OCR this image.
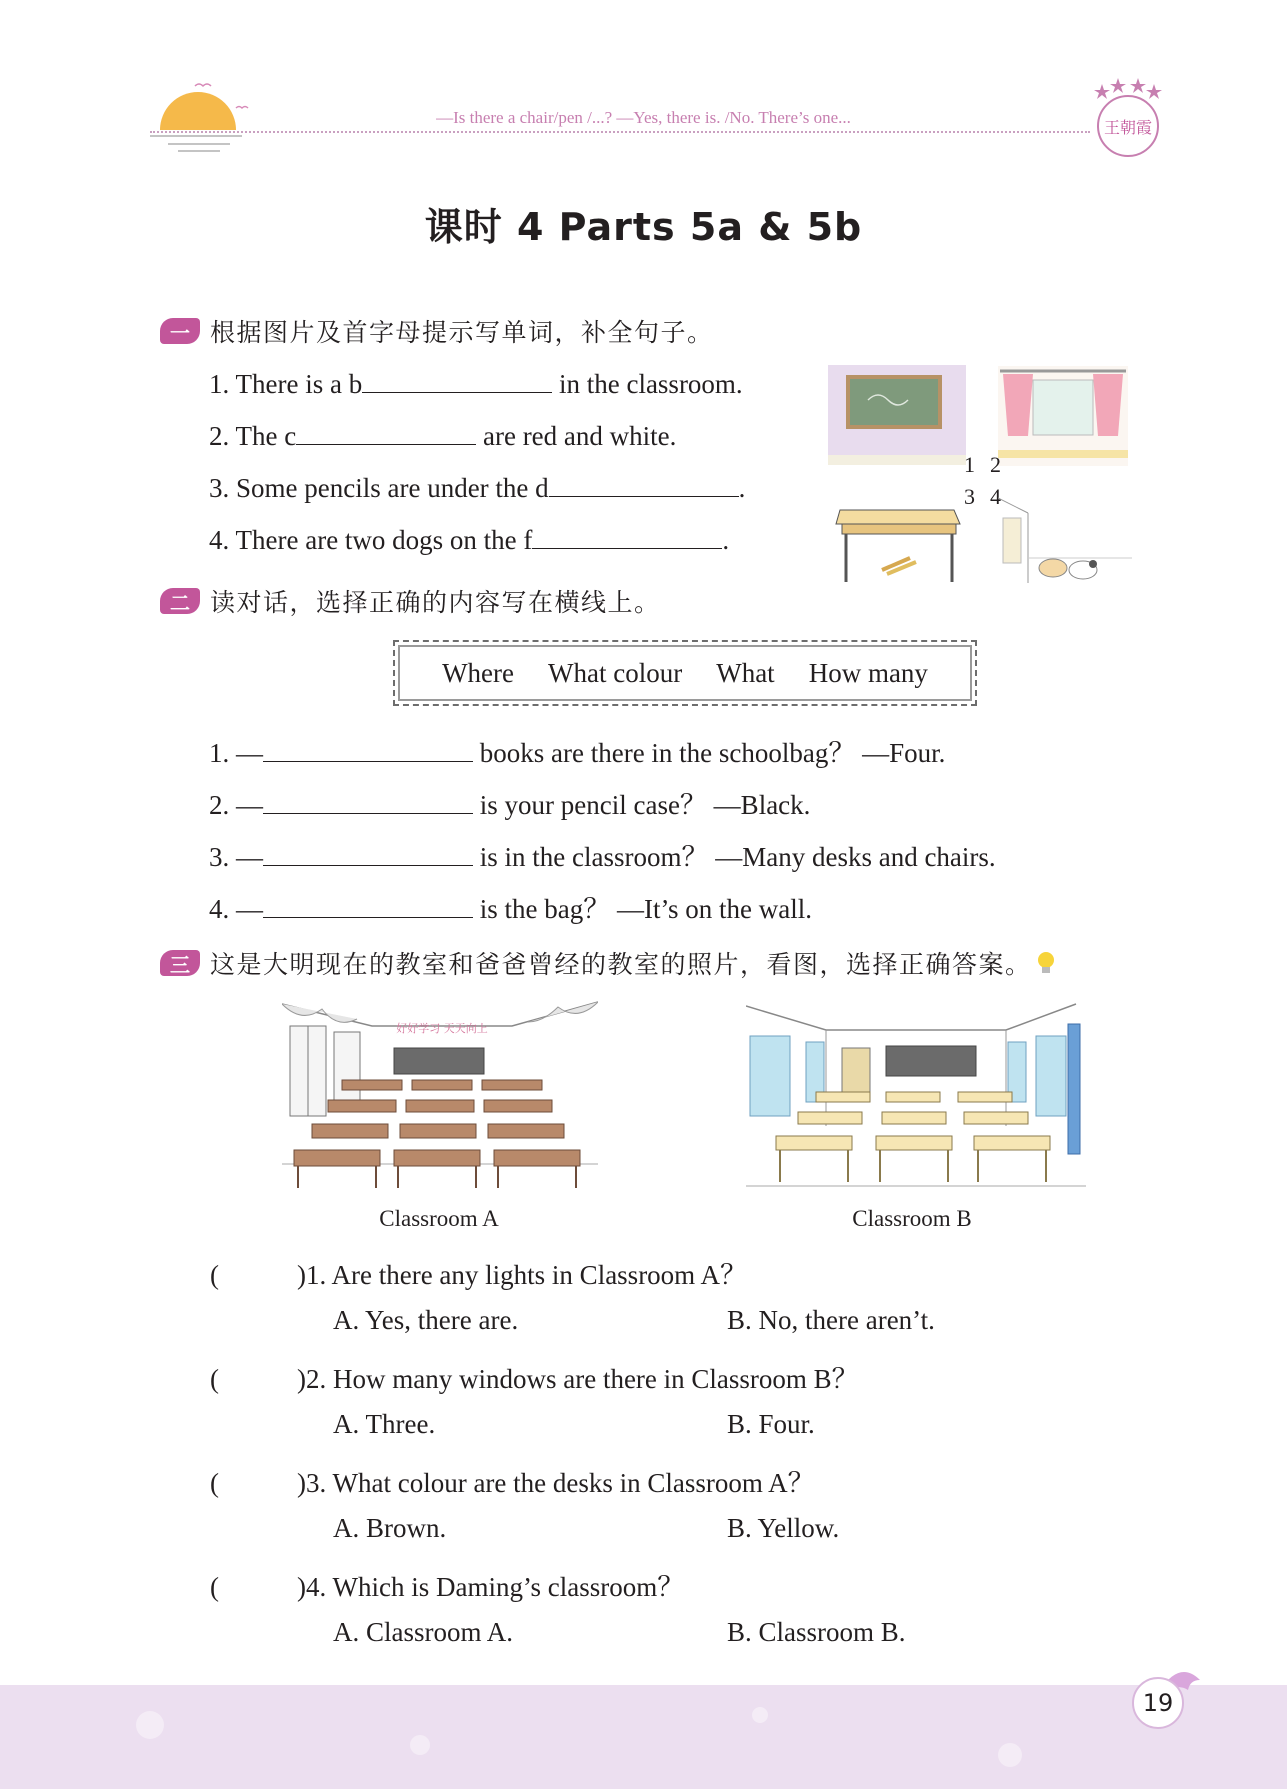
—Is there a chair/pen /...? —Yes, there is. /No. There’s one...
王朝霞
课时 4 Parts 5a & 5b
一 根据图片及首字母提示写单词，补全句子。
1. There is a b	in the classroom.
2. The c	are red and white.
3. Some pencils are under the d	.
4. There are two dogs on the f	.
1 2
3 4
二 读对话，选择正确的内容写在横线上。
Where What colour What How many
1. —	books are there in the schoolbag？ —Four.
2. —	is your pencil case？ —Black.
3. —	is in the classroom？ —Many desks and chairs.
4. —	is the bag？ —It’s on the wall.
三 这是大明现在的教室和爸爸曾经的教室的照片，看图，选择正确答案。
好好学习 天天向上
Classroom A	Classroom B
(	)1. Are there any lights in Classroom A？
A. Yes, there are.	B. No, there aren’t.
(	)2. How many windows are there in Classroom B？
A. Three.	B. Four.
(	)3. What colour are the desks in Classroom A？
A. Brown.	B. Yellow.
(	)4. Which is Daming’s classroom？
A. Classroom A.	B. Classroom B.
19
